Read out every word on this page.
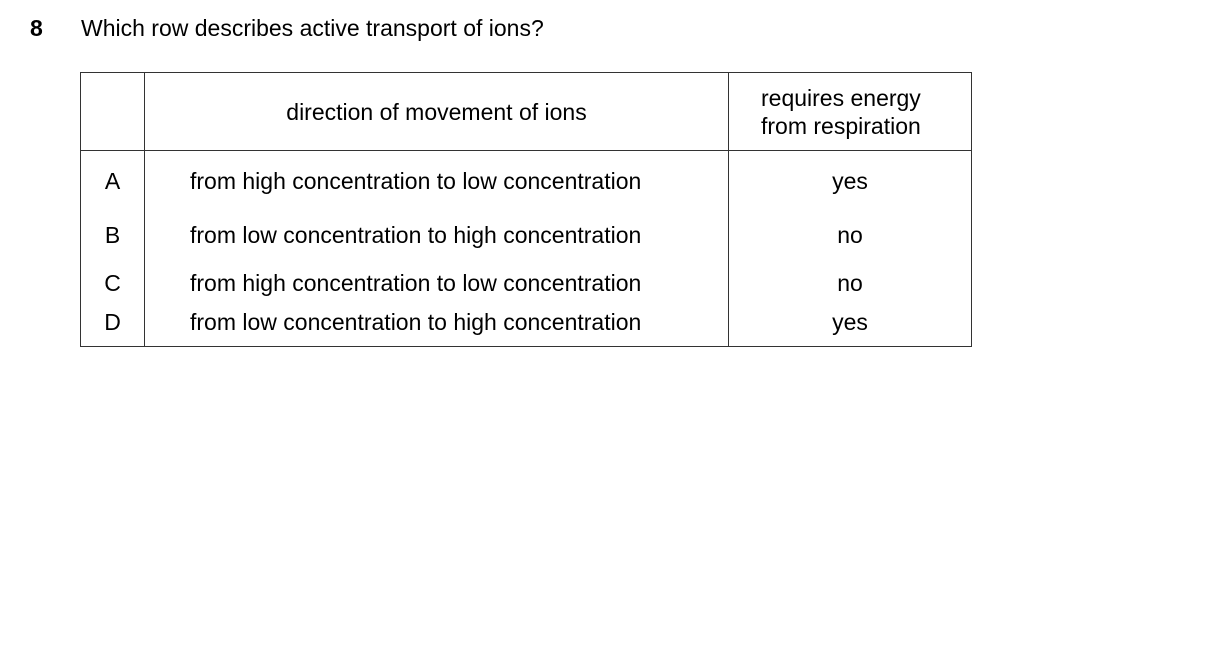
8 Which row describes active transport of ions?
	direction of movement of ions	requires energy
from respiration
A	from high concentration to low concentration	yes
B	from low concentration to high concentration	no
C	from high concentration to low concentration	no
D	from low concentration to high concentration	yes
